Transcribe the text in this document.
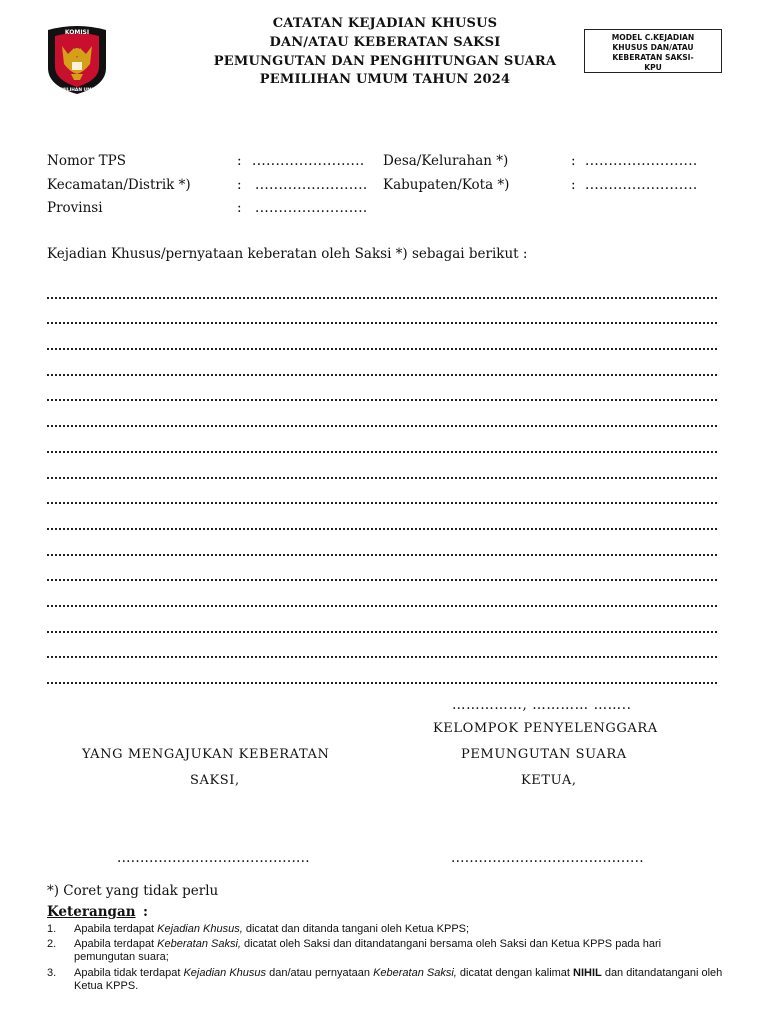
KOMISI
PEMILIHAN UMUM
CATATAN KEJADIAN KHUSUS
DAN/ATAU KEBERATAN SAKSI
PEMUNGUTAN DAN PENGHITUNGAN SUARA
PEMILIHAN UMUM TAHUN 2024
MODEL C.KEJADIAN
KHUSUS DAN/ATAU
KEBERATAN SAKSI-
KPU
Nomor TPS	: ........................ Desa/Kelurahan *)	: ........................
Kecamatan/Distrik *)	: ........................ Kabupaten/Kota *)	: ........................
Provinsi	: ........................
Kejadian Khusus/pernyataan keberatan oleh Saksi *) sebagai berikut :
……………, ………… ……..
KELOMPOK PENYELENGGARA
PEMUNGUTAN SUARA
KETUA,
YANG MENGAJUKAN KEBERATAN
SAKSI,
..........................................	..........................................
*) Coret yang tidak perlu
Keterangan :
1. Apabila terdapat Kejadian Khusus, dicatat dan ditanda tangani oleh Ketua KPPS;
2. Apabila terdapat Keberatan Saksi, dicatat oleh Saksi dan ditandatangani bersama oleh Saksi dan Ketua KPPS pada hari pemungutan suara;
3. Apabila tidak terdapat Kejadian Khusus dan/atau pernyataan Keberatan Saksi, dicatat dengan kalimat NIHIL dan ditandatangani oleh Ketua KPPS.
